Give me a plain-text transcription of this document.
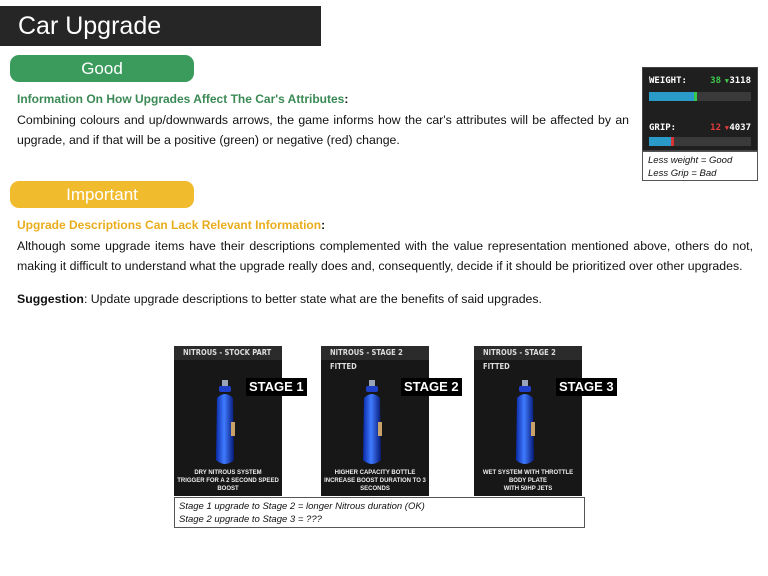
Car Upgrade
Good
Information On How Upgrades Affect The Car's Attributes:
Combining colours and up/downwards arrows, the game informs how the car's attributes will be affected by an upgrade, and if that will be a positive (green) or negative (red) change.
WEIGHT:	38 ▼ 3118
GRIP:	12 ▼ 4037
Less weight = Good
Less Grip = Bad
Important
Upgrade Descriptions Can Lack Relevant Information:
Although some upgrade items have their descriptions complemented with the value representation mentioned above, others do not, making it difficult to understand what the upgrade really does and, consequently, decide if it should be prioritized over other upgrades.
Suggestion: Update upgrade descriptions to better state what are the benefits of said upgrades.
NITROUS - STOCK PART
STAGE 1
DRY NITROUS SYSTEM
TRIGGER FOR A 2 SECOND SPEED BOOST
NITROUS - STAGE 2 FITTED
STAGE 2
HIGHER CAPACITY BOTTLE
INCREASE BOOST DURATION TO 3 SECONDS
NITROUS - STAGE 2 FITTED
STAGE 3
WET SYSTEM WITH THROTTLE BODY PLATE
WITH 50HP JETS
Stage 1 upgrade to Stage 2 = longer Nitrous duration (OK)
Stage 2 upgrade to Stage 3 = ???
